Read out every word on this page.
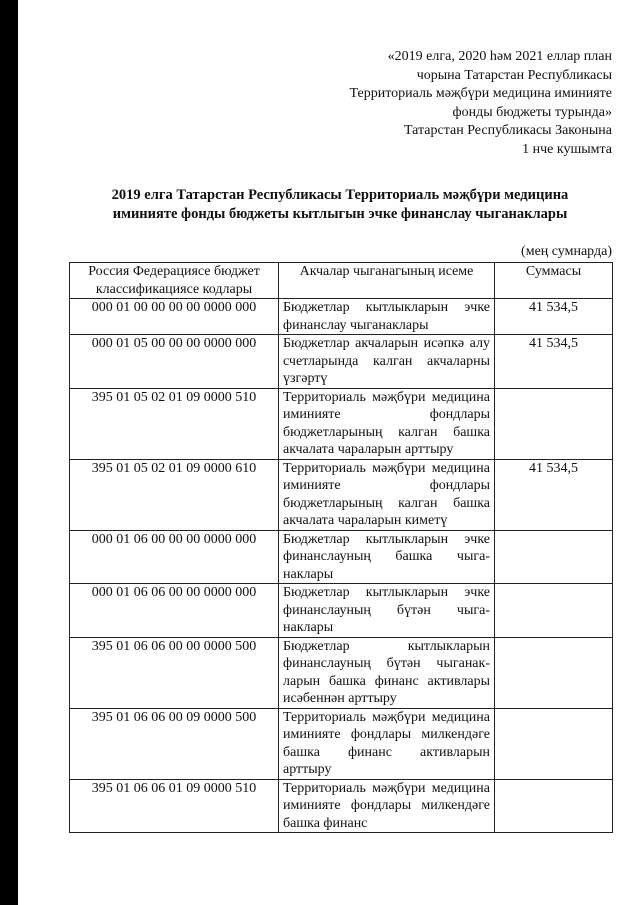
«2019 елга, 2020 һәм 2021 еллар план
чорына Татарстан Республикасы
Территориаль мәҗбүри медицина иминияте
фонды бюджеты турында»
Татарстан Республикасы Законына
1 нче кушымта
2019 елга Татарстан Республикасы Территориаль мәҗбүри медицина
иминияте фонды бюджеты кытлыгын эчке финанслау чыганаклары
(мең сумнарда)
Россия Федерациясе бюджет классификациясе кодлары	Акчалар чыганагының исеме	Суммасы
000 01 00 00 00 00 0000 000	Бюджетлар кытлыкларын эчке финанслау чыганаклары	41 534,5
000 01 05 00 00 00 0000 000	Бюджетлар акчаларын исәпкә алу счетларында калган акчаларны үзгәртү	41 534,5
395 01 05 02 01 09 0000 510	Территориаль мәҗбүри медицина иминияте фондлары бюджетларының калган башка акчалата чараларын арттыру	
395 01 05 02 01 09 0000 610	Территориаль мәҗбүри медицина иминияте фондлары бюджетларының калган башка акчалата чараларын киметү	41 534,5
000 01 06 00 00 00 0000 000	Бюджетлар кытлыкларын эчке финанслауның башка чыга- наклары	
000 01 06 06 00 00 0000 000	Бюджетлар кытлыкларын эчке финанслауның бүтән чыга- наклары	
395 01 06 06 00 00 0000 500	Бюджетлар кытлыкларын финанслауның бүтән чыганак- ларын башка финанс активлары исәбеннән арттыру	
395 01 06 06 00 09 0000 500	Территориаль мәҗбүри медицина иминияте фондлары милкендәге башка финанс активларын арттыру	
395 01 06 06 01 09 0000 510	Территориаль мәҗбүри медицина иминияте фондлары милкендәге башка финанс	
